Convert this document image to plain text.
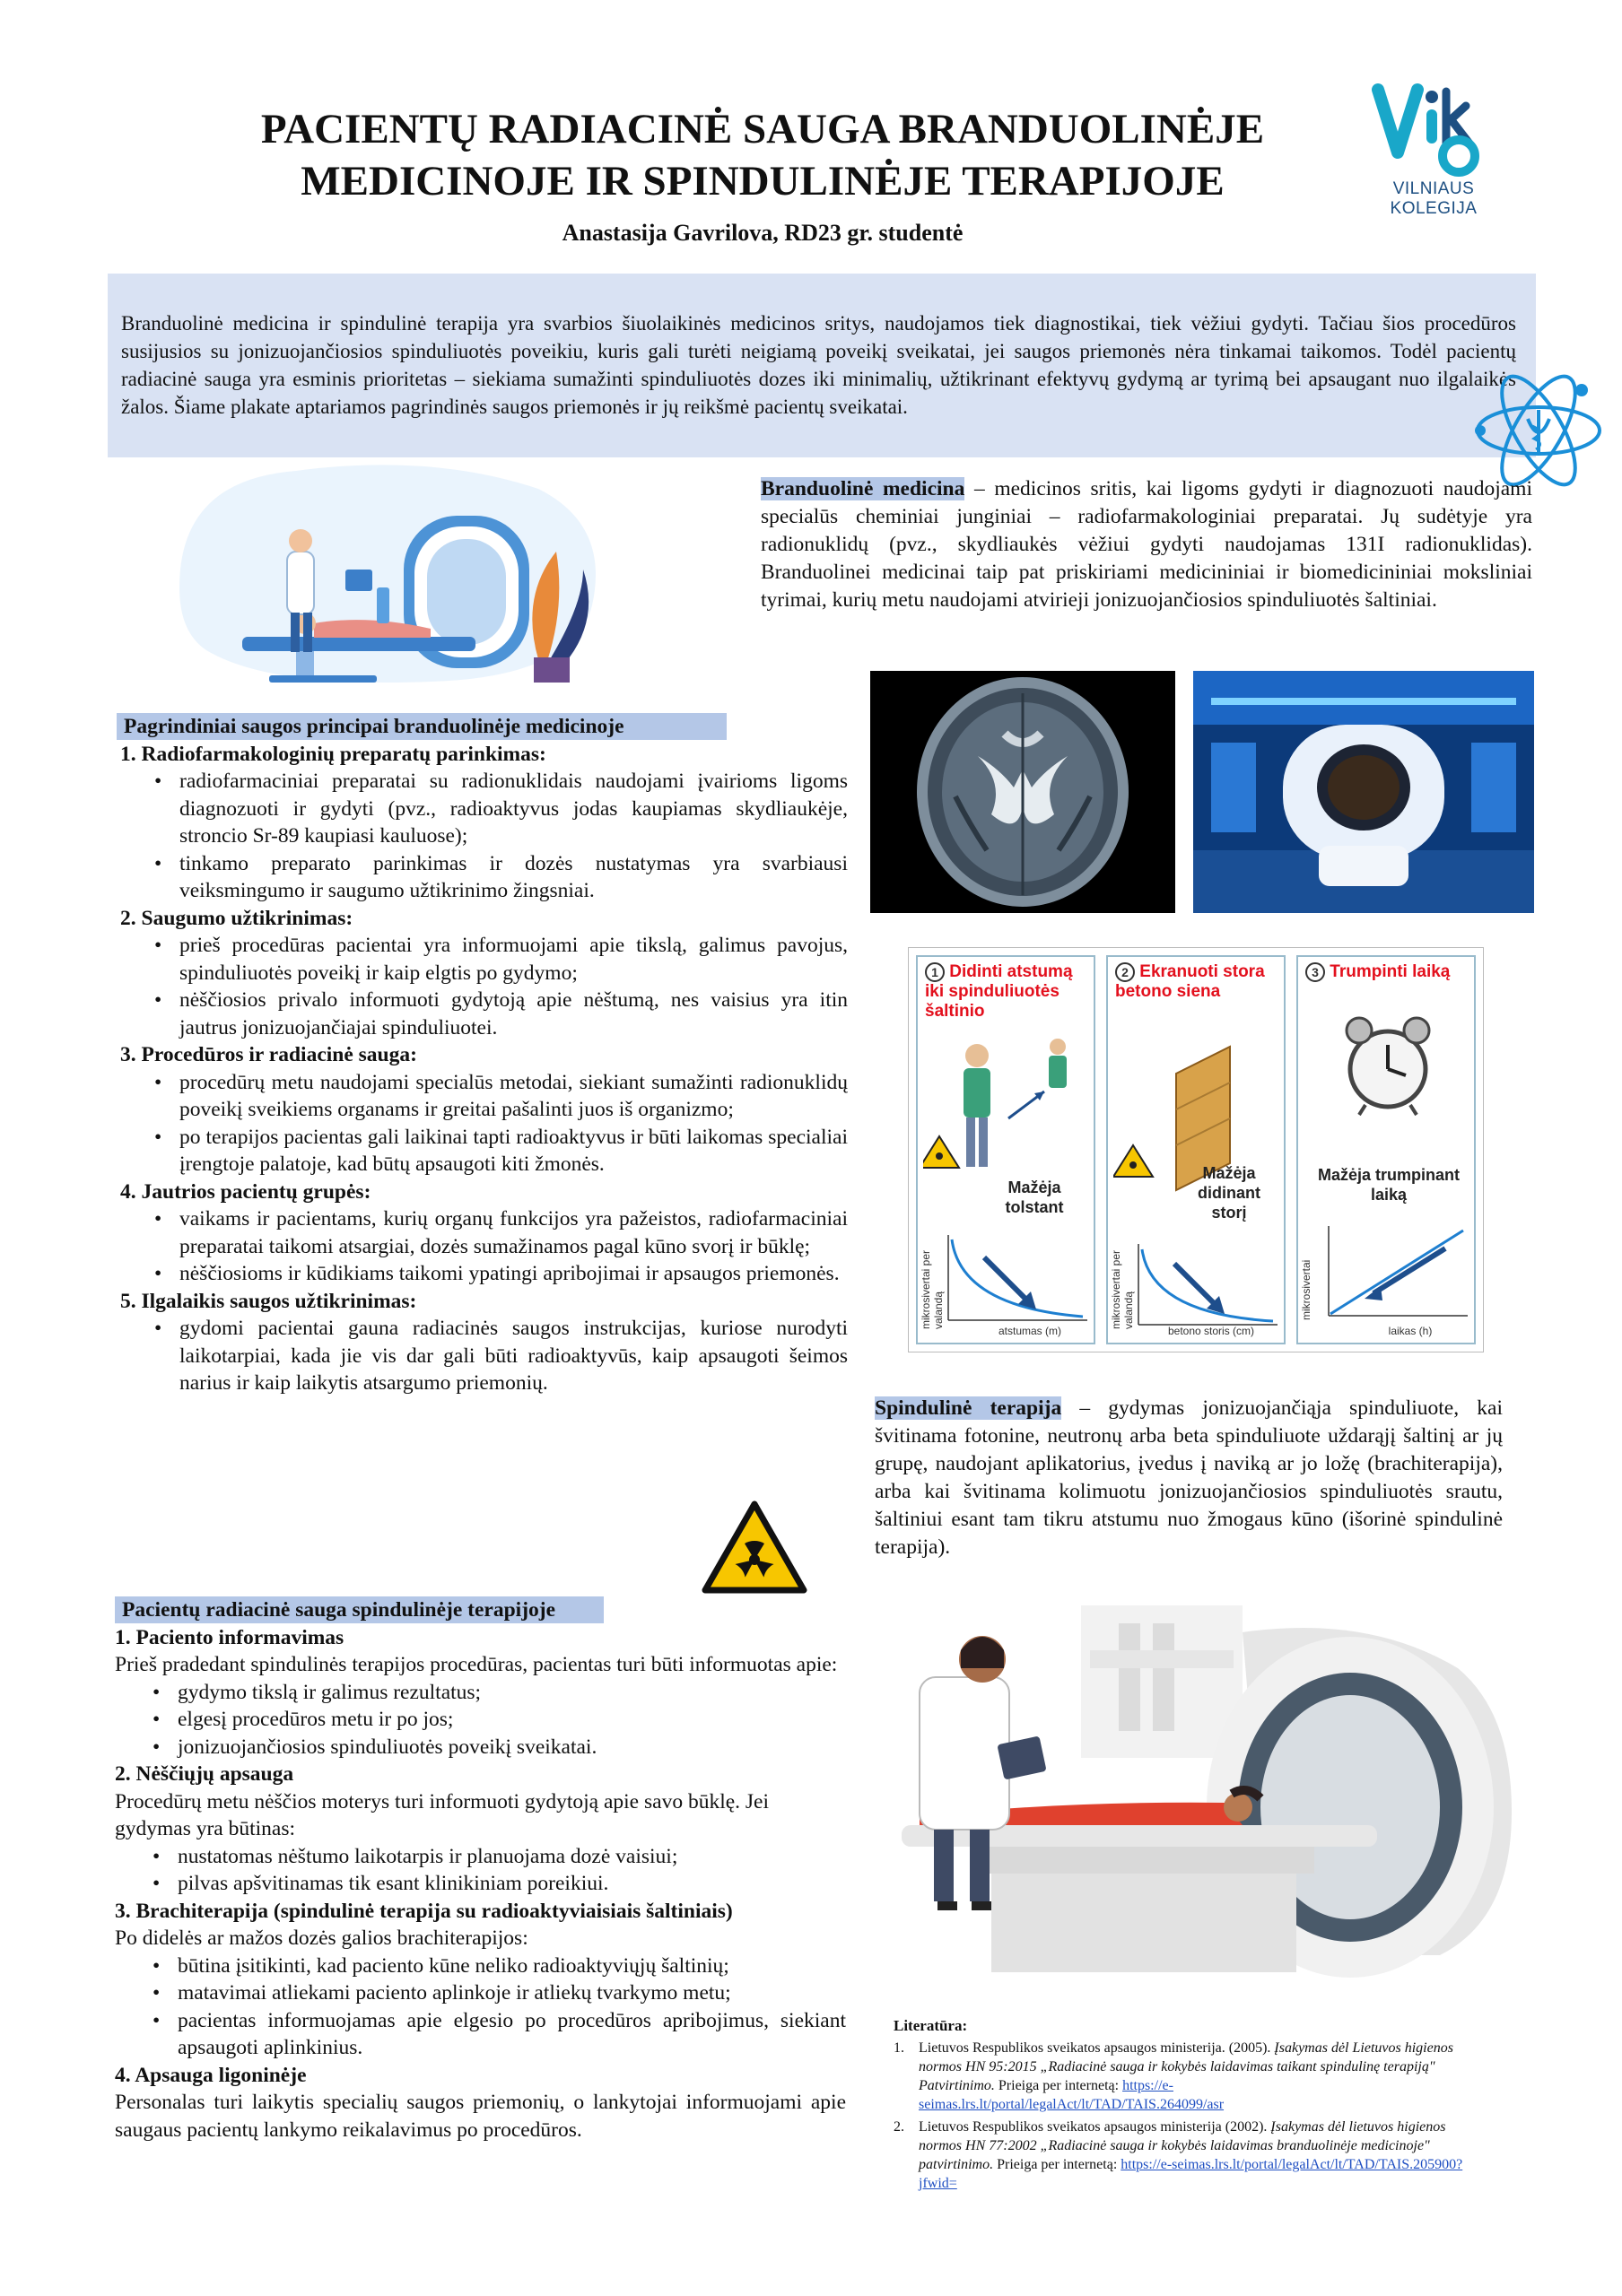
PACIENTŲ RADIACINĖ SAUGA BRANDUOLINĖJE
MEDICINOJE IR SPINDULINĖJE TERAPIJOJE
Anastasija Gavrilova, RD23 gr. studentė
VILNIAUS
KOLEGIJA

Branduolinė medicina ir spindulinė terapija yra svarbios šiuolaikinės medicinos sritys, naudojamos tiek diagnostikai, tiek vėžiui gydyti. Tačiau šios procedūros susijusios su jonizuojančiosios spinduliuotės poveikiu, kuris gali turėti neigiamą poveikį sveikatai, jei saugos priemonės nėra tinkamai taikomos. Todėl pacientų radiacinė sauga yra esminis prioritetas – siekiama sumažinti spinduliuotės dozes iki minimalių, užtikrinant efektyvų gydymą ar tyrimą bei apsaugant nuo ilgalaikės žalos. Šiame plakate aptariamos pagrindinės saugos priemonės ir jų reikšmė pacientų sveikatai.

Branduolinė medicina – medicinos sritis, kai ligoms gydyti ir diagnozuoti naudojami specialūs cheminiai junginiai – radiofarmakologiniai preparatai. Jų sudėtyje yra radionuklidų (pvz., skydliaukės vėžiui gydyti naudojamas 131I radionuklidas). Branduolinei medicinai taip pat priskiriami medicininiai ir biomedicininiai moksliniai tyrimai, kurių metu naudojami atvirieji jonizuojančiosios spinduliuotės šaltiniai.
1 Didinti atstumą iki spinduliuotės šaltinio
Mažėja tolstant
mikrosivertai per valandą
atstumas (m)
2 Ekranuoti stora betono siena
Mažėja didinant storį
mikrosivertai per valandą
betono storis (cm)
3 Trumpinti laiką
Mažėja trumpinant laiką
mikrosivertai
laikas (h)
Pagrindiniai saugos principai branduolinėje medicinoje
1. Radiofarmakologinių preparatų parinkimas:
• radiofarmaciniai preparatai su radionuklidais naudojami įvairioms ligoms diagnozuoti ir gydyti (pvz., radioaktyvus jodas kaupiamas skydliaukėje, stroncio Sr-89 kaupiasi kauluose);
• tinkamo preparato parinkimas ir dozės nustatymas yra svarbiausi veiksmingumo ir saugumo užtikrinimo žingsniai.
2. Saugumo užtikrinimas:
• prieš procedūras pacientai yra informuojami apie tikslą, galimus pavojus, spinduliuotės poveikį ir kaip elgtis po gydymo;
• nėščiosios privalo informuoti gydytoją apie nėštumą, nes vaisius yra itin jautrus jonizuojančiajai spinduliuotei.
3. Procedūros ir radiacinė sauga:
• procedūrų metu naudojami specialūs metodai, siekiant sumažinti radionuklidų poveikį sveikiems organams ir greitai pašalinti juos iš organizmo;
• po terapijos pacientas gali laikinai tapti radioaktyvus ir būti laikomas specialiai įrengtoje palatoje, kad būtų apsaugoti kiti žmonės.
4. Jautrios pacientų grupės:
• vaikams ir pacientams, kurių organų funkcijos yra pažeistos, radiofarmaciniai preparatai taikomi atsargiai, dozės sumažinamos pagal kūno svorį ir būklę;
• nėščiosioms ir kūdikiams taikomi ypatingi apribojimai ir apsaugos priemonės.
5. Ilgalaikis saugos užtikrinimas:
• gydomi pacientai gauna radiacinės saugos instrukcijas, kuriose nurodyti laikotarpiai, kada jie vis dar gali būti radioaktyvūs, kaip apsaugoti šeimos narius ir kaip laikytis atsargumo priemonių.
Spindulinė terapija – gydymas jonizuojančiąja spinduliuote, kai švitinama fotonine, neutronų arba beta spinduliuote uždarąjį šaltinį ar jų grupę, naudojant aplikatorius, įvedus į naviką ar jo ložę (brachiterapija), arba kai švitinama kolimuotu jonizuojančiosios spinduliuotės srautu, šaltiniui esant tam tikru atstumu nuo žmogaus kūno (išorinė spindulinė terapija).
Pacientų radiacinė sauga spindulinėje terapijoje
1. Paciento informavimas
Prieš pradedant spindulinės terapijos procedūras, pacientas turi būti informuotas apie:
• gydymo tikslą ir galimus rezultatus;
• elgesį procedūros metu ir po jos;
• jonizuojančiosios spinduliuotės poveikį sveikatai.
2. Nėščiųjų apsauga
Procedūrų metu nėščios moterys turi informuoti gydytoją apie savo būklę. Jei gydymas yra būtinas:
• nustatomas nėštumo laikotarpis ir planuojama dozė vaisiui;
• pilvas apšvitinamas tik esant klinikiniam poreikiui.
3. Brachiterapija (spindulinė terapija su radioaktyviaisiais šaltiniais)
Po didelės ar mažos dozės galios brachiterapijos:
• būtina įsitikinti, kad paciento kūne neliko radioaktyviųjų šaltinių;
• matavimai atliekami paciento aplinkoje ir atliekų tvarkymo metu;
• pacientas informuojamas apie elgesio po procedūros apribojimus, siekiant apsaugoti aplinkinius.
4. Apsauga ligoninėje
Personalas turi laikytis specialių saugos priemonių, o lankytojai informuojami apie saugaus pacientų lankymo reikalavimus po procedūros.
Literatūra:
1. Lietuvos Respublikos sveikatos apsaugos ministerija. (2005). Įsakymas dėl Lietuvos higienos normos HN 95:2015 „Radiacinė sauga ir kokybės laidavimas taikant spindulinę terapiją" Patvirtinimo. Prieiga per internetą: https://e-seimas.lrs.lt/portal/legalAct/lt/TAD/TAIS.264099/asr
2. Lietuvos Respublikos sveikatos apsaugos ministerija (2002). Įsakymas dėl lietuvos higienos normos HN 77:2002 „Radiacinė sauga ir kokybės laidavimas branduolinėje medicinoje" patvirtinimo. Prieiga per internetą: https://e-seimas.lrs.lt/portal/legalAct/lt/TAD/TAIS.205900?jfwid=
